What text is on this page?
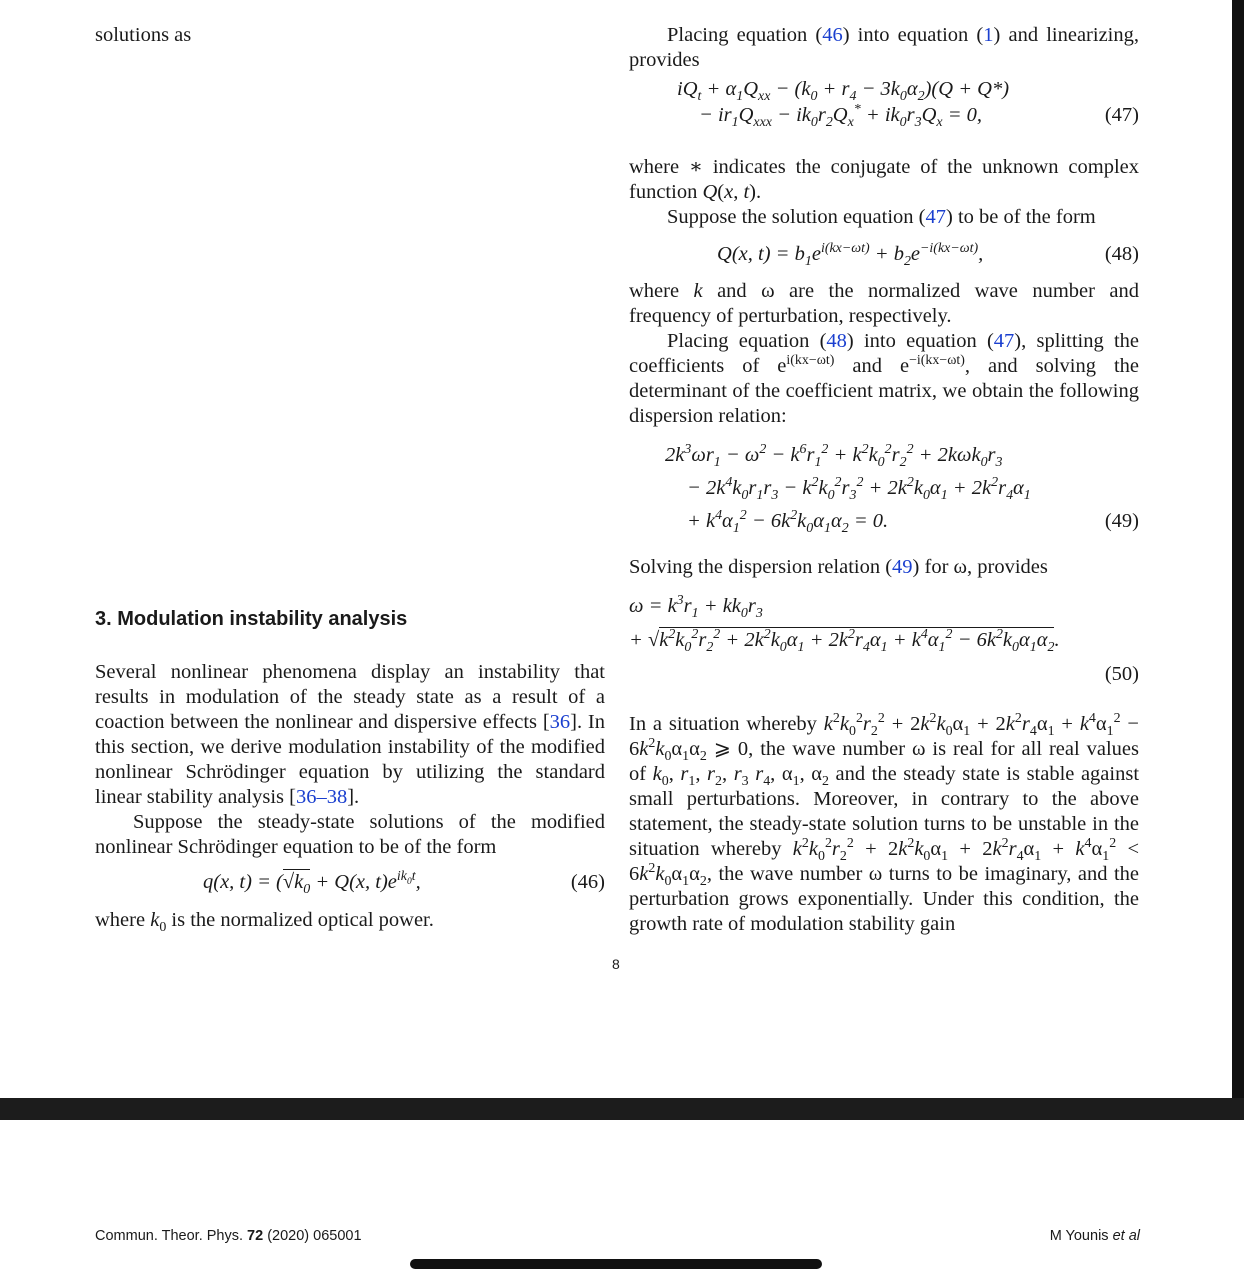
solutions as

3. Modulation instability analysis

Several nonlinear phenomena display an instability that results in modulation of the steady state as a result of a coaction between the nonlinear and dispersive effects [36]. In this section, we derive modulation instability of the modified nonlinear Schrödinger equation by utilizing the standard linear stability analysis [36–38].

Suppose the steady-state solutions of the modified nonlinear Schrödinger equation to be of the form

q(x, $t) = (√k_0 + Q(x$, $t)e^{ik_0t}$,	(46)

where $k_0$ is the normalized optical power.

Placing equation (46) into equation (1) and linearizing, provides

$iQ_t + \alpha_1Q_{xx} - (k_0 + r_4 - 3k_0\alpha_2)(Q + Q*)$
− $ir_1Q_{xxx} - ik_0r_2Q_x^* + ik_0r_3Q_x = 0$,	(47)

where ∗ indicates the conjugate of the unknown complex function Q(x, t).

Suppose the solution equation (47) to be of the form

Q(x, $t) = b_1e^{i(kx-\omega t)} + b_2e^{-i(kx-\omega t)}$,	(48)

where k and ω are the normalized wave number and frequency of perturbation, respectively.

Placing equation (48) into equation (47), splitting the coefficients of $e^{i(kx-\omega t)}$ and $e^{-i(kx-\omega t)}$, and solving the determinant of the coefficient matrix, we obtain the following dispersion relation:

$2k^3\omega r_1 - \omega^2 - k^6r_1^2 + k^2k_0^2r_2^2 + 2k\omega k_0r_3$
− $2k^4k_0r_1r_3 - k^2k_0^2r_3^2 + 2k^2k_0\alpha_1 + 2k^2r_4\alpha_1$
+ $k^4\alpha_1^2 - 6k^2k_0\alpha_1\alpha_2 = 0$.	(49)

Solving the dispersion relation (49) for ω, provides

$\omega = k^3r_1 + kk_0r_3$
+ $√k^2k_0^2r_2^2 + 2k^2k_0\alpha_1 + 2k^2r_4\alpha_1 + k^4\alpha_1^2 - 6k^2k_0\alpha_1\alpha_2$.
(50)

In a situation whereby $k^2k_0^2r_2^2 + 2k^2k_0\alpha_1 + 2k^2r_4\alpha_1 + k^4\alpha_1^2 - 6k^2k_0\alpha_1\alpha_2$ ⩾ 0, the wave number ω is real for all real values of $k_0$, $r_1$, $r_2$, $r_3$ $r_4$, $\alpha_1$, $\alpha_2$ and the steady state is stable against small perturbations. Moreover, in contrary to the above statement, the steady-state solution turns to be unstable in the situation whereby $k^2k_0^2r_2^2 + 2k^2k_0\alpha_1 + 2k^2r_4\alpha_1 + k^4\alpha_1^2 < 6k^2k_0\alpha_1\alpha_2$, the wave number ω turns to be imaginary, and the perturbation grows exponentially. Under this condition, the growth rate of modulation stability gain

8
Commun. Theor. Phys. 72 (2020) 065001	M Younis et al
